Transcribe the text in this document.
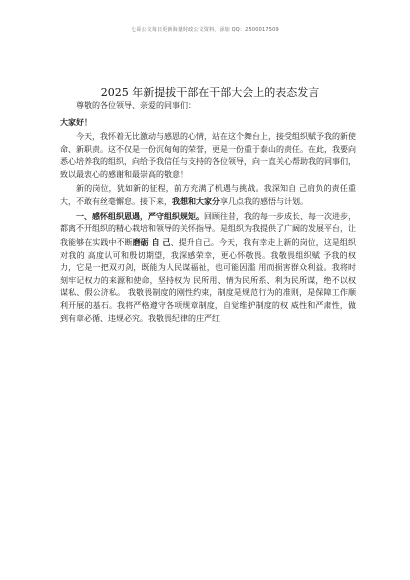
七哥公文每日更新海量时政公文资料，添加 QQ：2500017509
2025 年新提拔干部在干部大会上的表态发言

尊敬的各位领导、亲爱的同事们：

大家好！

今天，我怀着无比激动与感恩的心情，站在这个舞台上，接受组织赋予我的新使命、新职责。这不仅是一份沉甸甸的荣誉，更是一份重于泰山的责任。在此，我要向悉心培养我的组织，向给予我信任与支持的各位领导，向一直关心帮助我的同事们，致以最衷心的感谢和最崇高的敬意！

新的岗位，犹如新的征程，前方充满了机遇与挑战。我深知自 己肩负的责任重大，不敢有丝毫懈怠。接下来，我想和大家分享几点我的感悟与计划。

一、感怀组织恩遇，严守组织规矩。回顾往昔，我的每一步成长、每一次进步，都离不开组织的精心栽培和领导的关怀指导。是组织为我提供了广阔的发展平台，让我能够在实践中不断磨砺 自 己、提升自己。今天，我有幸走上新的岗位，这是组织对我的 高度认可和殷切期望，我深感荣幸，更心怀敬畏。我敬畏组织赋 予我的权力，它是一把双刃剑，既能为人民谋福祉，也可能因滥 用而损害群众利益。我将时刻牢记权力的来源和使命，坚持权为 民所用、情为民所系、利为民所谋，绝不以权谋私、假公济私。 我敬畏制度的刚性约束，制度是规范行为的准则，是保障工作顺 利开展的基石。我将严格遵守各项规章制度，自觉维护制度的权 威性和严肃性，做到有章必循、违规必究。我敬畏纪律的庄严红
